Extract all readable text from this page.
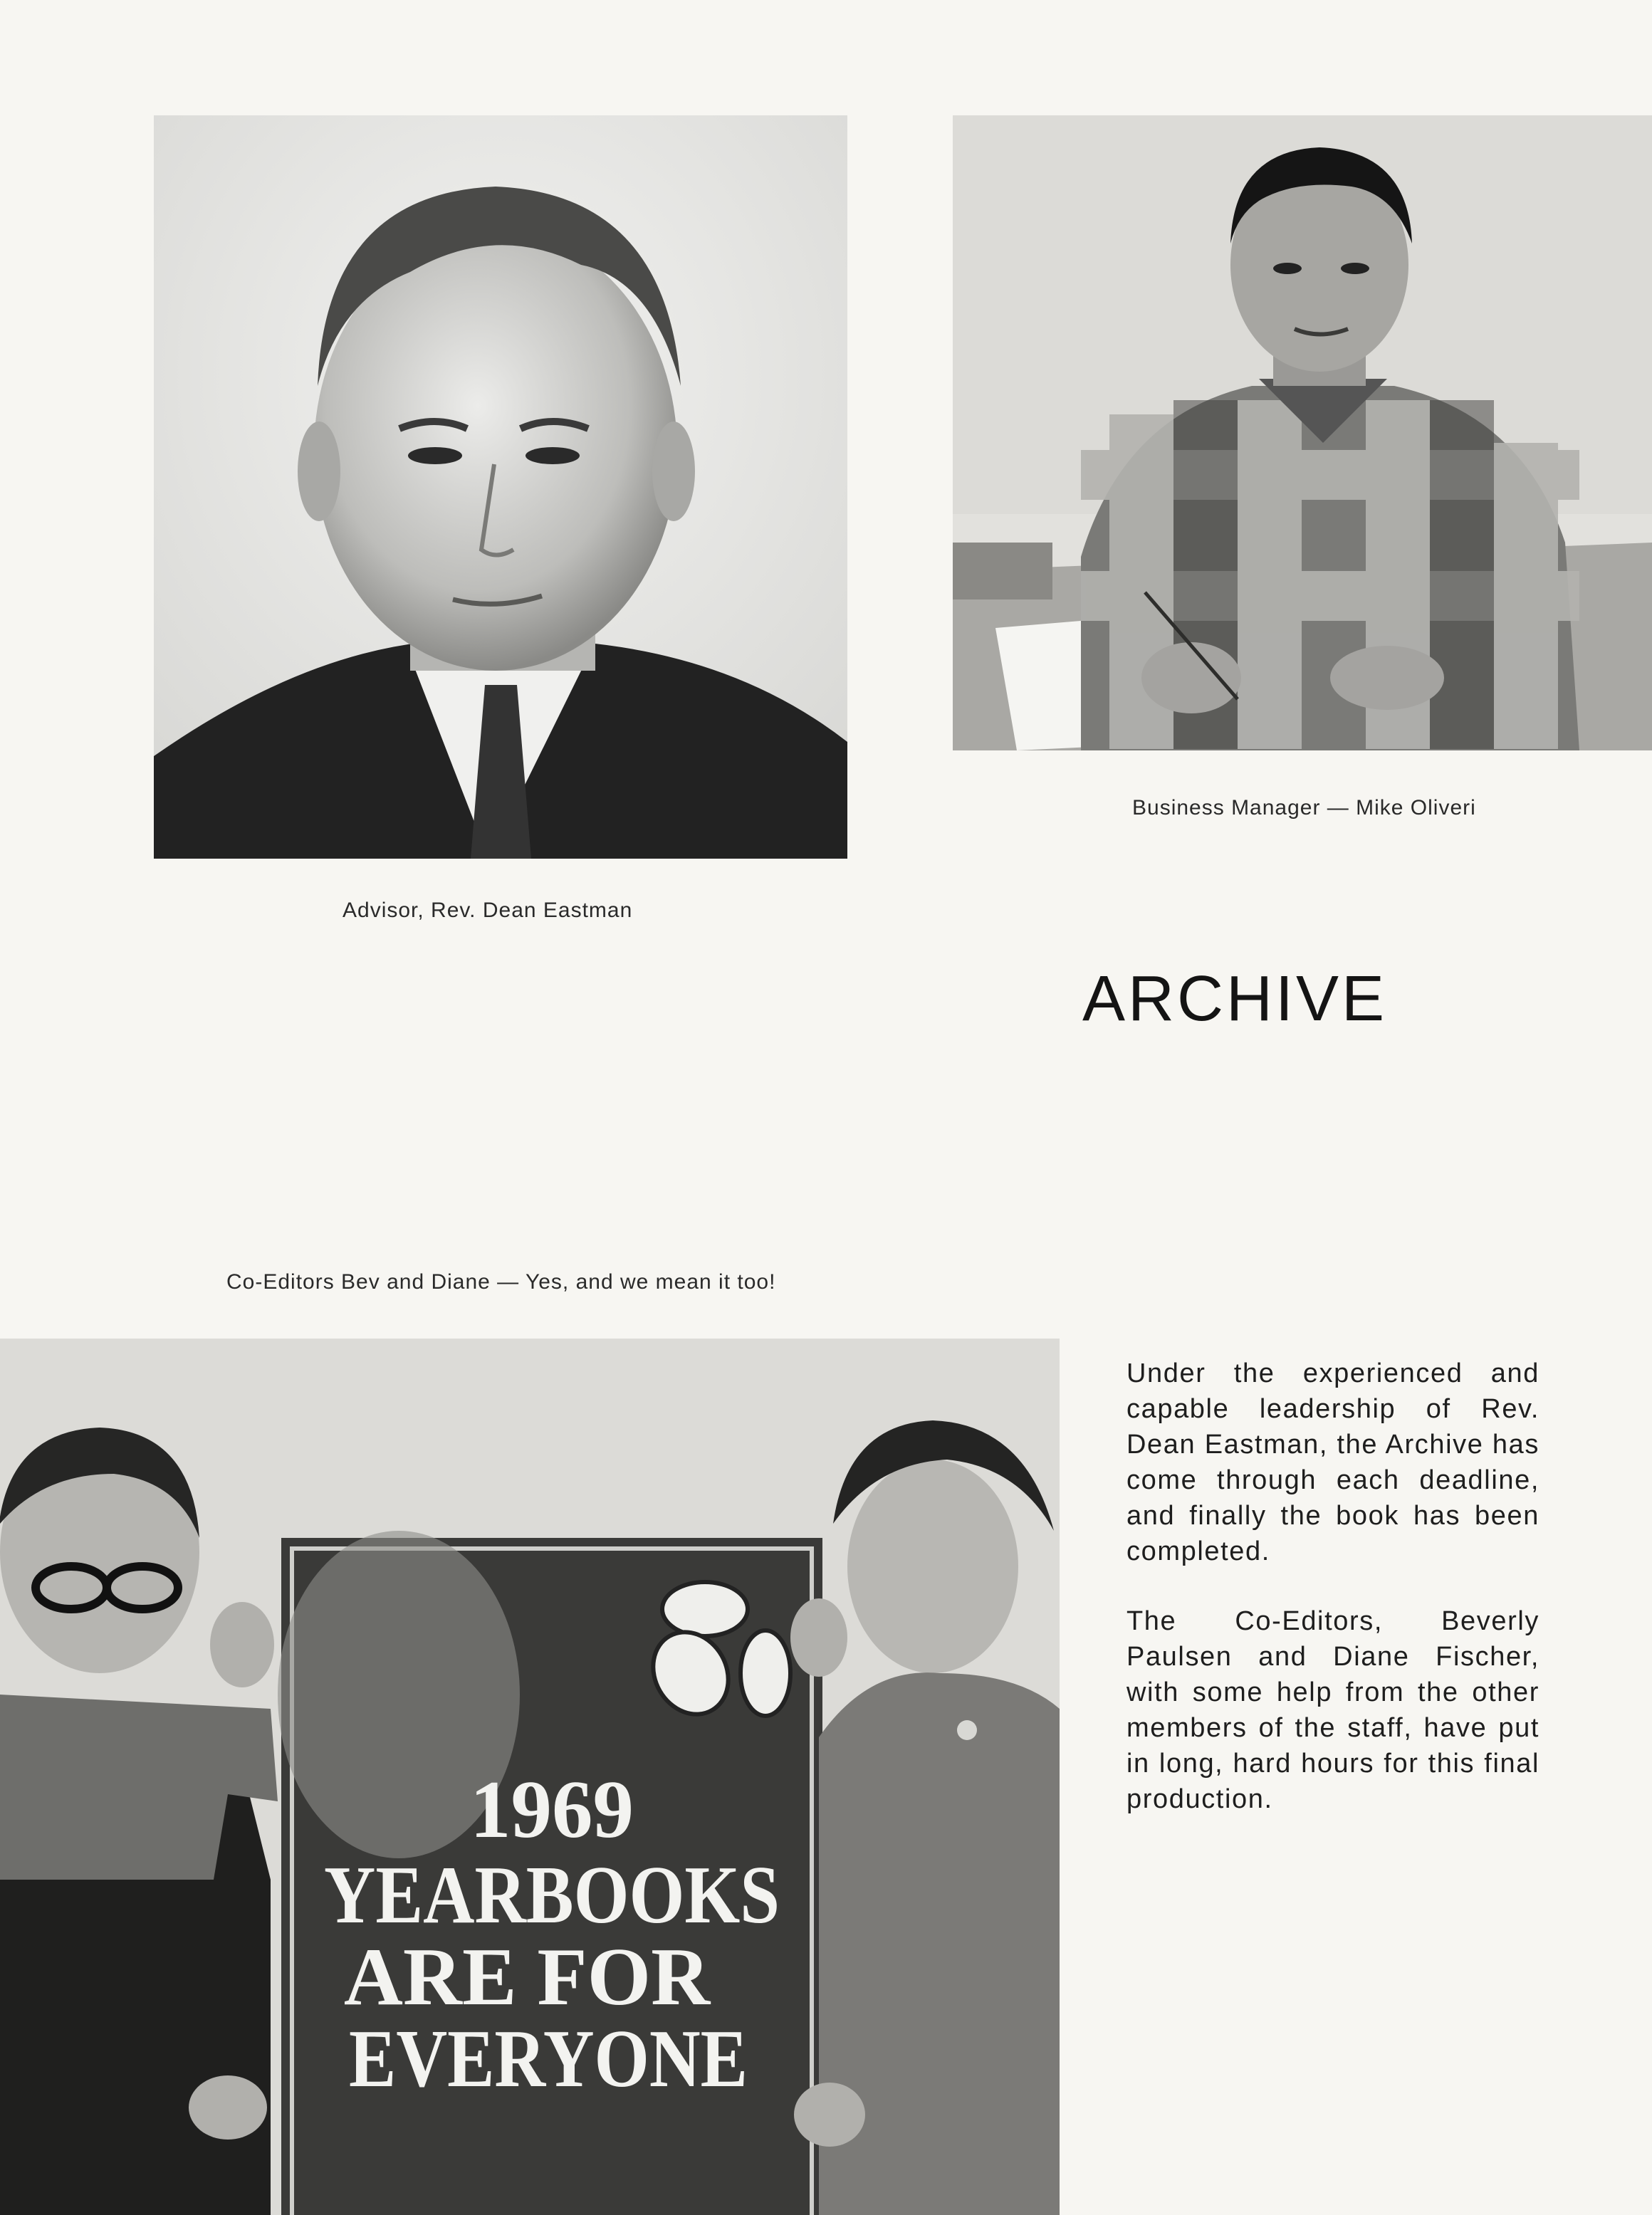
1969
YEARBOOKS
ARE FOR
EVERYONE
Advisor, Rev. Dean Eastman
Business Manager — Mike Oliveri
Co-Editors Bev and Diane — Yes, and we mean it too!
ARCHIVE

Under the experienced and capable leadership of Rev. Dean Eastman, the Archive has come through each deadline, and finally the book has been completed.

The Co-Editors, Beverly Paulsen and Diane Fischer, with some help from the other members of the staff, have put in long, hard hours for this final production.
